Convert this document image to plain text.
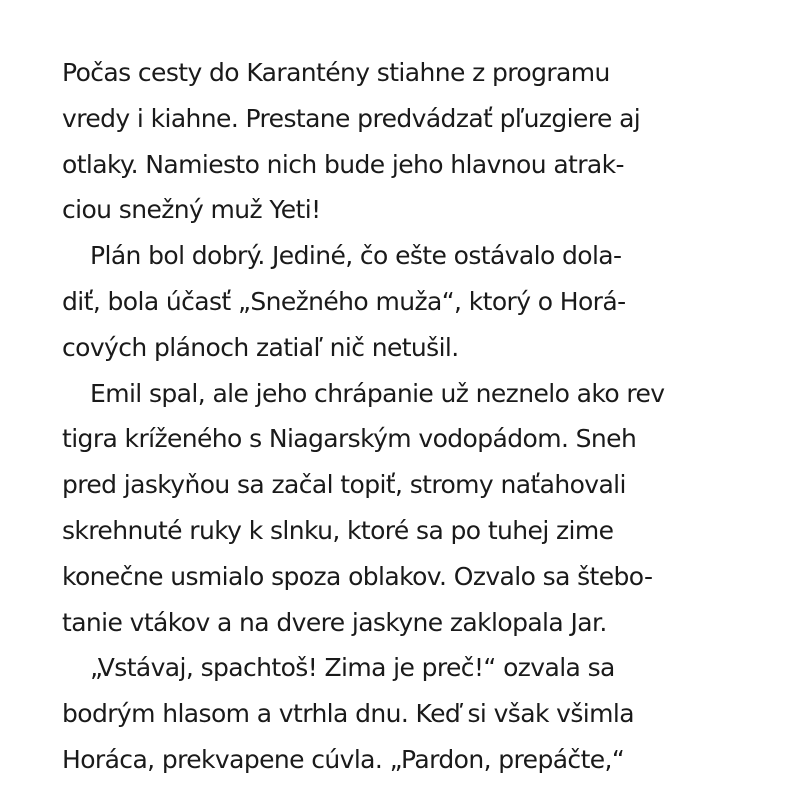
Počas cesty do Karantény stiahne z programu
vredy i kiahne. Prestane predvádzať pľuzgiere aj
otlaky. Namiesto nich bude jeho hlavnou atrak-
ciou snežný muž Yeti!
Plán bol dobrý. Jediné, čo ešte ostávalo dola-
diť, bola účasť „Snežného muža“, ktorý o Horá-
cových plánoch zatiaľ nič netušil.
Emil spal, ale jeho chrápanie už neznelo ako rev
tigra kríženého s Niagarským vodopádom. Sneh
pred jaskyňou sa začal topiť, stromy naťahovali
skrehnuté ruky k slnku, ktoré sa po tuhej zime
konečne usmialo spoza oblakov. Ozvalo sa štebo-
tanie vtákov a na dvere jaskyne zaklopala Jar.
„Vstávaj, spachtoš! Zima je preč!“ ozvala sa
bodrým hlasom a vtrhla dnu. Keď si však všimla
Horáca, prekvapene cúvla. „Pardon, prepáčte,“
